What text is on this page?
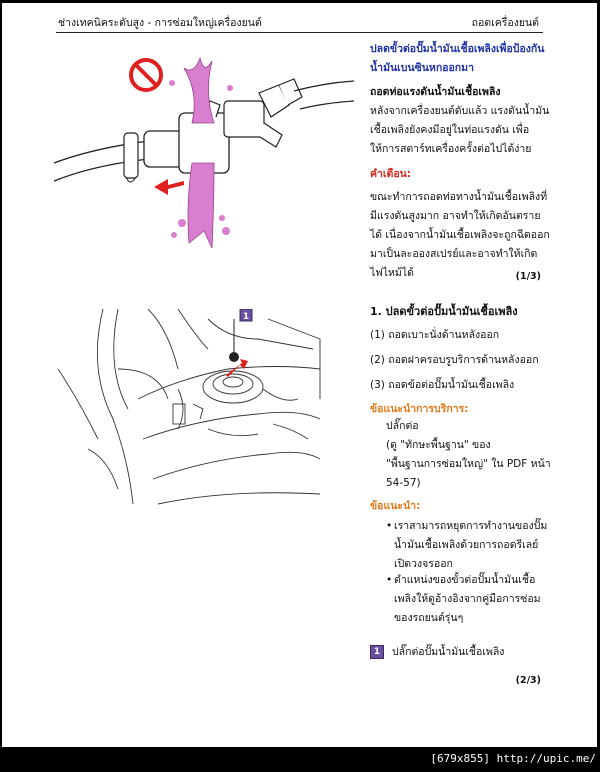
ช่างเทคนิคระดับสูง - การซ่อมใหญ่เครื่องยนต์	ถอดเครื่องยนต์
1

ปลดขั้วต่อปั๊มน้ำมันเชื้อเพลิงเพื่อป้องกันน้ำมันเบนซินหกออกมา

ถอดท่อแรงดันน้ำมันเชื้อเพลิง

หลังจากเครื่องยนต์ดับแล้ว แรงดันน้ำมันเชื้อเพลิงยังคงมีอยู่ในท่อแรงดัน เพื่อให้การสตาร์ทเครื่องครั้งต่อไปได้ง่าย

คำเตือน:

ขณะทำการถอดท่อทางน้ำมันเชื้อเพลิงที่มีแรงดันสูงมาก อาจทำให้เกิดอันตรายได้ เนื่องจากน้ำมันเชื้อเพลิงจะถูกฉีดออกมาเป็นละอองสเปรย์และอาจทำให้เกิดไฟไหม้ได้	(1/3)

1. ปลดขั้วต่อปั๊มน้ำมันเชื้อเพลิง

(1) ถอดเบาะนั่งด้านหลังออก
(2) ถอดฝาครอบรูบริการด้านหลังออก
(3) ถอดข้อต่อปั๊มน้ำมันเชื้อเพลิง

ข้อแนะนำการบริการ:

ปลั๊กต่อ
(ดู "ทักษะพื้นฐาน" ของ
"พื้นฐานการซ่อมใหญ่" ใน PDF หน้า
54-57)

ข้อแนะนำ:

• เราสามารถหยุดการทำงานของปั๊มน้ำมันเชื้อเพลิงด้วยการถอดรีเลย์เปิดวงจรออก
• ตำแหน่งของขั้วต่อปั๊มน้ำมันเชื้อเพลิงให้ดูอ้างอิงจากคู่มือการซ่อมของรถยนต์รุ่นๆ
1	ปลั๊กต่อปั๊มน้ำมันเชื้อเพลิง
(2/3)
[679x855] http://upic.me/
